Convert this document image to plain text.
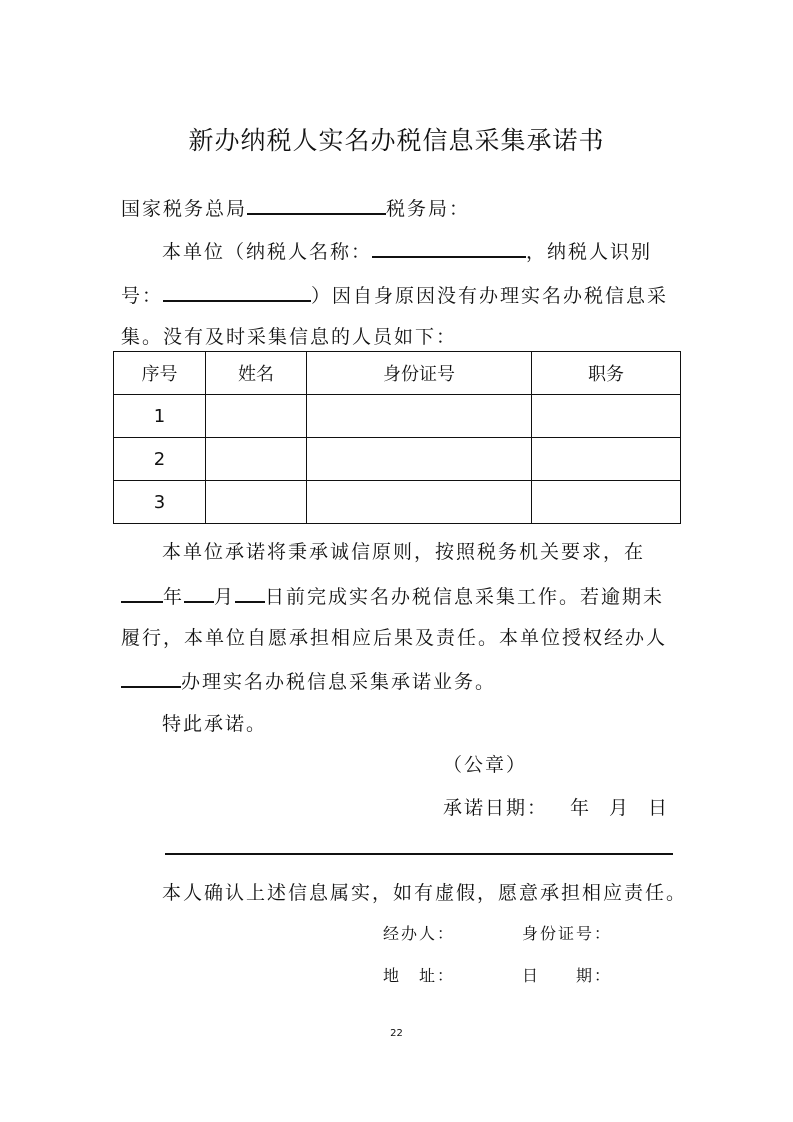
新办纳税人实名办税信息采集承诺书
国家税务总局	税务局：
本单位（纳税人名称：	，纳税人识别
号：	）因自身原因没有办理实名办税信息采
集。没有及时采集信息的人员如下：
序号	姓名	身份证号	职务
1			
2			
3			
本单位承诺将秉承诚信原则，按照税务机关要求，在
年 月 日前完成实名办税信息采集工作。若逾期未
履行，本单位自愿承担相应后果及责任。本单位授权经办人
办理实名办税信息采集承诺业务。
特此承诺。
（公章）
承诺日期： 年 月 日
本人确认上述信息属实，如有虚假，愿意承担相应责任。
经办人：	身份证号：
地　址：	日　　期：
22
